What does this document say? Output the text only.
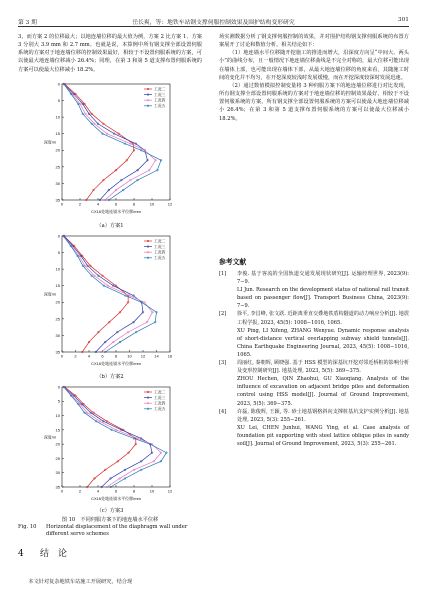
第 3 期	岳长爽，等：地铁车站钢支撑伺服控制效果及围护结构变形研究	301

3，而方案 2 的位移最大；以地连墙位移的最大值为例，方案 2 比方案 1、方案 3 分别大 3.9 mm 和 2.7 mm。也就是说，本算例中所有钢支撑全部设置伺服系统的方案对于地连墙位移的控制效果最好，相较于不设置伺服系统的方案，可以使最大地连墙位移减小 26.4%；同理，在第 3 和第 5 道支撑布置伺服系统的方案可以使最大位移减小 18.2%。

0	2	4	6	8	10	12
0
5
10
15
20
25
30
35
CX16处地连墙水平位移/mm
深度/m
工况二
工况三
工况四
工况五
（a）方案1
0	2	4	6	8	10 12 14 16
0
5
10
15
20
25
30
35
CX16处地连墙水平位移/mm
深度/m
工况二
工况三
工况四
工况五
（b）方案2
0	2	4	6	8	10	12
0
5
10
15
20
25
30
35
CX16处地连墙水平位移/mm
深度/m
工况二
工况三
工况四
工况五
（c）方案3
图 10　不同伺服方案下的地连墙水平位移
Fig. 10 Horizontal displacement of the diaphragm wall under
different servo schemes
4 结　论

本文针对复杂地铁车站施工开展研究，结合现

场实测数据分析了钢支撑伺服控制的效果，并对围护结构钢支撑伺服系统的布置方案展开了讨论和数值分析。相关结论如下：

（1）地连墙水平位移随开挖施工的推进而增大，沿深度方向呈“中间大、两头小”的曲线分布，且一般情况下地连墙位移曲线是不完全对称的，最大位移可能出现在墙体上部，也可能出现在墙体下部，从最大地连墙位移的角度来看，其随施工时间的变化并不均匀，在开挖深度较浅时发展缓慢，而在开挖深度较深时发展迅速。

（2）通过数值模拟控制变量将 3 种伺服方案下的地连墙位移进行对比发现，所有钢支撑全部设置伺服系统的方案对于地连墙位移的控制效果最好，相较于不设置伺服系统的方案，所有钢支撑全部设置伺服系统的方案可以使最大地连墙位移减小 26.4%；在第 3 和第 5 道支撑布置伺服系统的方案可以使最大位移减小 18.2%。

参考文献
[1] 李俊. 基于客流的全国轨道交通发展现状研究[J]. 运输经理世界, 2023(9): 7−9.
LI Jun. Research on the development status of national rail transit based on passenger flow[J]. Transport Business China, 2023(9): 7−9.
[2] 徐平, 李昌峰, 张文跃. 近距离垂直交叠地铁盾构隧道的动力响应分析[J]. 地震工程学报, 2023, 45(5): 1008−1016, 1065.
XU Ping, LI Xifeng, ZHANG Wenyue. Dynamic response analysis of short-distance vertical overlapping subway shield tunnels[J]. China Earthquake Engineering Journal, 2023, 45(5): 1008−1016, 1065.
[3] 周丽红, 秦朝辉, 顾晓强. 基于 HSS 模型的深基坑开挖对邻近桥桩的影响分析及变形控制研究[J]. 地基处理, 2023, 5(5): 369−375.
ZHOU Hechen, QIN Zhaohui, GU Xiaoqiang. Analysis of the influence of excavation on adjacent bridge piles and deformation control using HSS model[J]. Journal of Ground Improvement, 2023, 5(5): 369−375.
[4] 许磊, 陈俊辉, 王颖, 等. 砂土地基钢格斜向支撑桩基坑支护实例分析[J]. 地基处理, 2023, 5(3): 255−261.
XU Lei, CHEN Junhui, WANG Ying, et al. Case analysis of foundation pit supporting with steel lattice oblique piles in sandy soil[J]. Journal of Ground Improvement, 2023, 5(3): 255−261.
